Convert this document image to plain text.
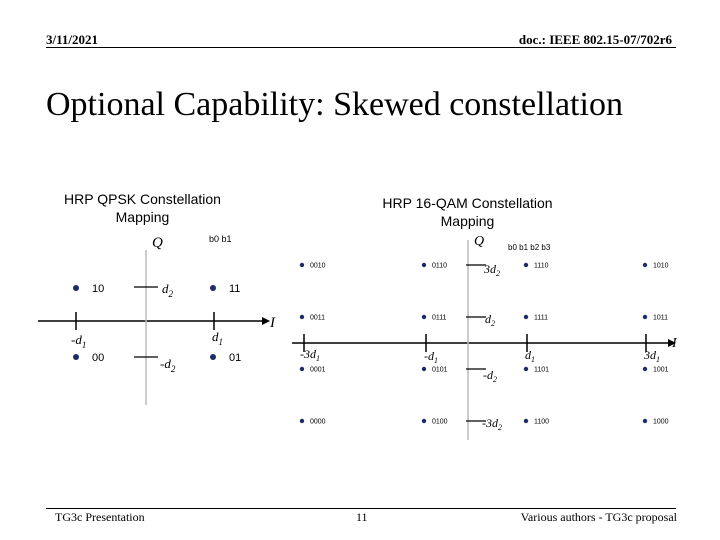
3/11/2021	doc.: IEEE 802.15-07/702r6
Optional Capability: Skewed constellation
HRP QPSK Constellation
Mapping
HRP 16-QAM Constellation
Mapping
Q
I
b0 b1
$-d_1$
$d_1$
$d_2$
$-d_2$
10	11
00	01
Q
I
b0 b1 b2 b3
$-3d_1$	$-d_1$	$d_1$	$3d_1$
$3d_2$
$d_2$
$-d_2$
$-3d_2$
0010	0110	1110	1010
0011	0111	1111	1011
0001	0101	1101	1001
0000	0100	1100	1000
TG3c Presentation	11	Various authors - TG3c proposal
